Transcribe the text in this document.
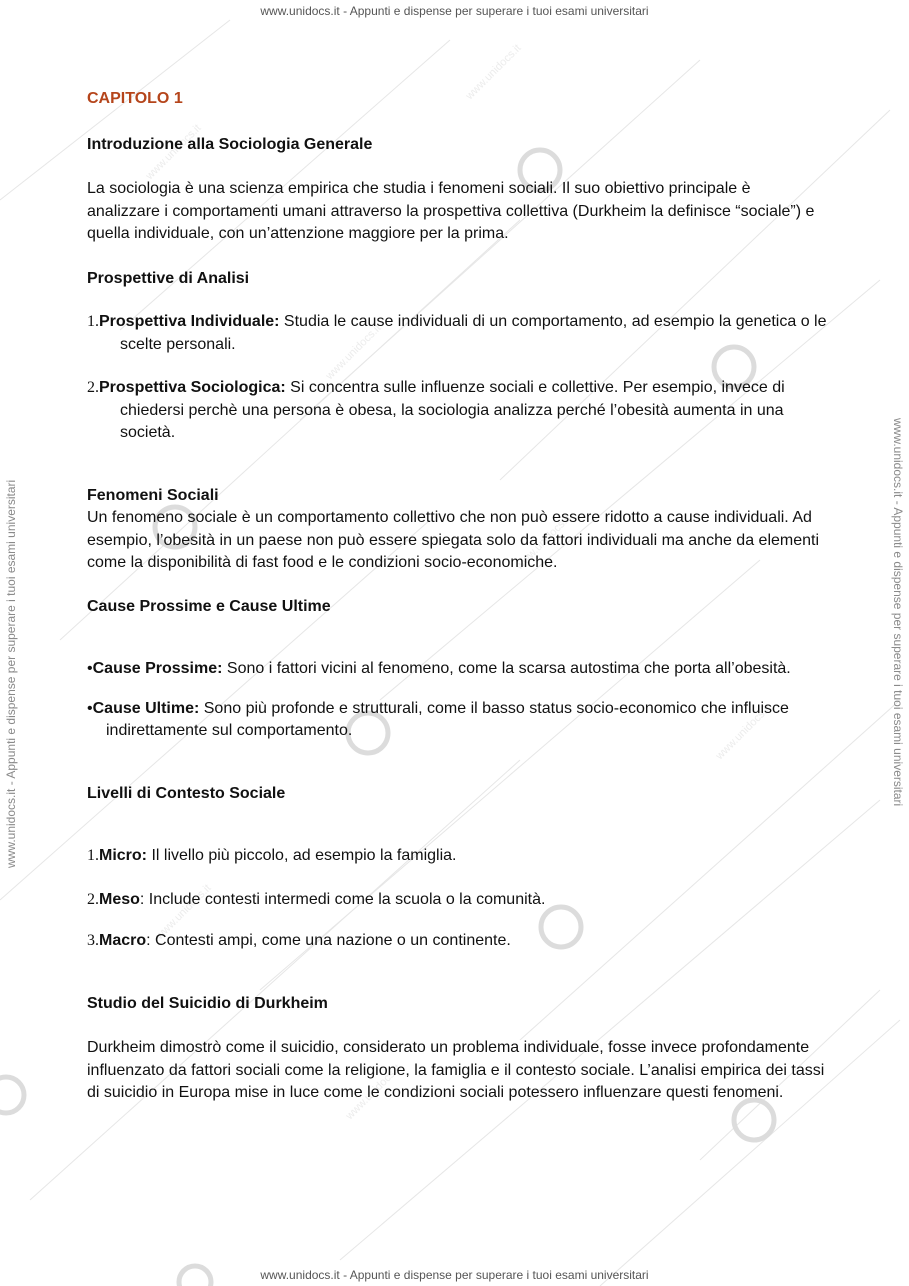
www.unidocs.it
www.unidocs.it
www.unidocs.it
www.unidocs.it
www.unidocs.it
www.unidocs.it
www.unidocs.it
www.unidocs.it - Appunti e dispense per superare i tuoi esami universitari
www.unidocs.it - Appunti e dispense per superare i tuoi esami universitari
www.unidocs.it - Appunti e dispense per superare i tuoi esami universitari	www.unidocs.it - Appunti e dispense per superare i tuoi esami universitari

CAPITOLO 1

Introduzione alla Sociologia Generale

La sociologia è una scienza empirica che studia i fenomeni sociali. Il suo obiettivo principale è analizzare i comportamenti umani attraverso la prospettiva collettiva (Durkheim la definisce “sociale”) e quella individuale, con un’attenzione maggiore per la prima.

Prospettive di Analisi

1.Prospettiva Individuale: Studia le cause individuali di un comportamento, ad esempio la genetica o le scelte personali.

2.Prospettiva Sociologica: Si concentra sulle influenze sociali e collettive. Per esempio, invece di chiedersi perchè una persona è obesa, la sociologia analizza perché l’obesità aumenta in una società.

Fenomeni Sociali

Un fenomeno sociale è un comportamento collettivo che non può essere ridotto a cause individuali. Ad esempio, l’obesità in un paese non può essere spiegata solo da fattori individuali ma anche da elementi come la disponibilità di fast food e le condizioni socio-economiche.

Cause Prossime e Cause Ultime

•Cause Prossime: Sono i fattori vicini al fenomeno, come la scarsa autostima che porta all’obesità.

•Cause Ultime: Sono più profonde e strutturali, come il basso status socio-economico che influisce indirettamente sul comportamento.

Livelli di Contesto Sociale

1.Micro: Il livello più piccolo, ad esempio la famiglia.

2.Meso: Include contesti intermedi come la scuola o la comunità.

3.Macro: Contesti ampi, come una nazione o un continente.

Studio del Suicidio di Durkheim

Durkheim dimostrò come il suicidio, considerato un problema individuale, fosse invece profondamente influenzato da fattori sociali come la religione, la famiglia e il contesto sociale. L’analisi empirica dei tassi di suicidio in Europa mise in luce come le condizioni sociali potessero influenzare questi fenomeni.
